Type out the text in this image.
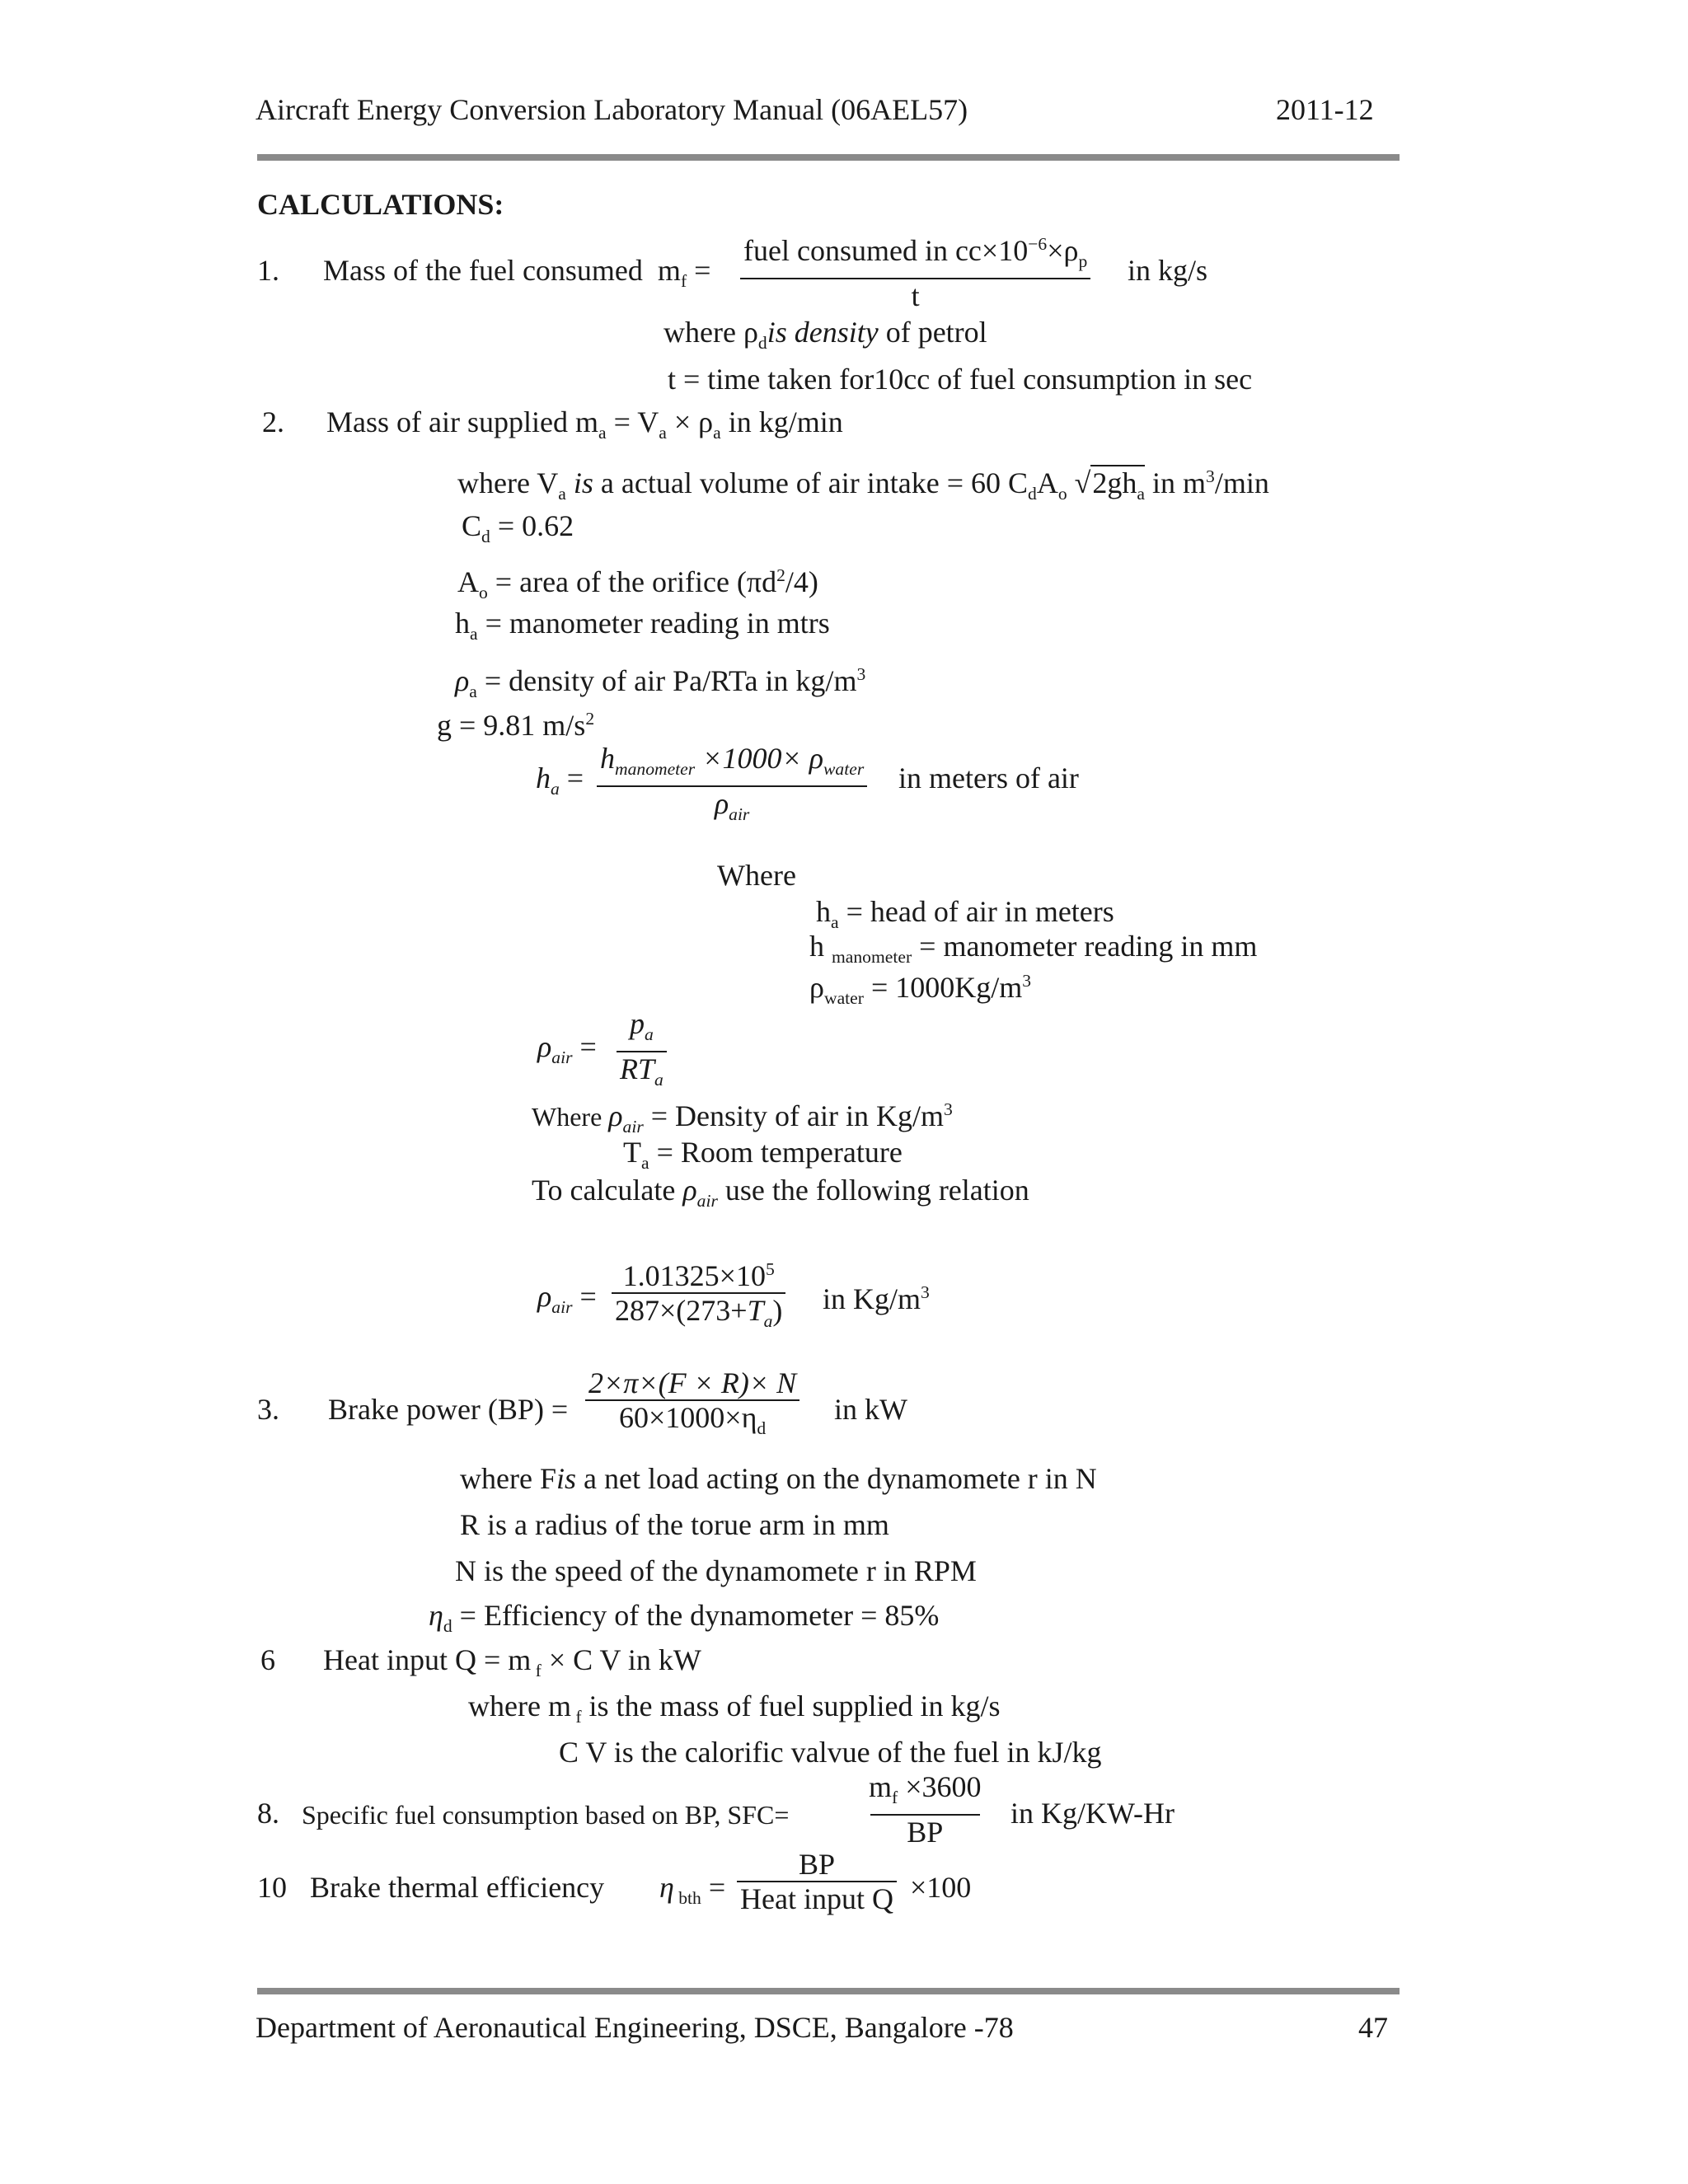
Aircraft Energy Conversion Laboratory Manual (06AEL57)	2011-12
CALCULATIONS:
1. Mass of the fuel consumed $m_f$ =
fuel consumed in $cc\times 10^{-6}\times\rho_p$
t
in kg/s
where $\rho_dis$ density of petrol
t = time taken for10cc of fuel consumption in sec
2. Mass of air supplied $m_a = V_a \times \rho_a$ in kg/min
where $V_a$ is a actual volume of air intake = 60 $C_dA_o$ $√2gh_a$ in $m^3/\min$
$C_d = 0.62$
$A_o$ = area of the orifice $(\pi d^2/4)$
$h_a$ = manometer reading in mtrs
$\rho_a$ = density of air Pa/RTa in $kg/m^3$
g = 9.81 $m/s^2$
$h_a$ =
$h_{manometer} \times 1000\times \rho_{water}$
$\rho_{air}$
in meters of air
Where
$h_a$ = head of air in meters
h $_{manometer}$ = manometer reading in mm
$\rho_{water} = 1000Kg/m^3$
$\rho_{air}$ =
$p_a$
$RT_a$
Where $\rho_{air}$ = Density of air in $Kg/m^3$
$T_a$ = Room temperature
To calculate $\rho_{air}$ use the following relation
$\rho_{air}$ =
$1.01325\times 10^5$
$287\times(273+T_a)$ in $Kg/m^3$
3. Brake power (BP) =
2×π×(F × R)× N
$60\times 1000\times\eta_d$
in kW
where Fis a net load acting on the dynamomete r in N
R is a radius of the torue arm in mm
N is the speed of the dynamomete r in RPM
$\eta_d$ = Efficiency of the dynamometer = 85%
6 Heat input Q = m $_f$ × C V in kW
where m $_f$ is the mass of fuel supplied in kg/s
C V is the calorific valvue of the fuel in kJ/kg
8. Specific fuel consumption based on BP, SFC=
$m_f \times 3600$
BP
in Kg/KW-Hr
10 Brake thermal efficiency η $_{bth}$ =
BP
Heat input Q ×100
Department of Aeronautical Engineering, DSCE, Bangalore -78	47
